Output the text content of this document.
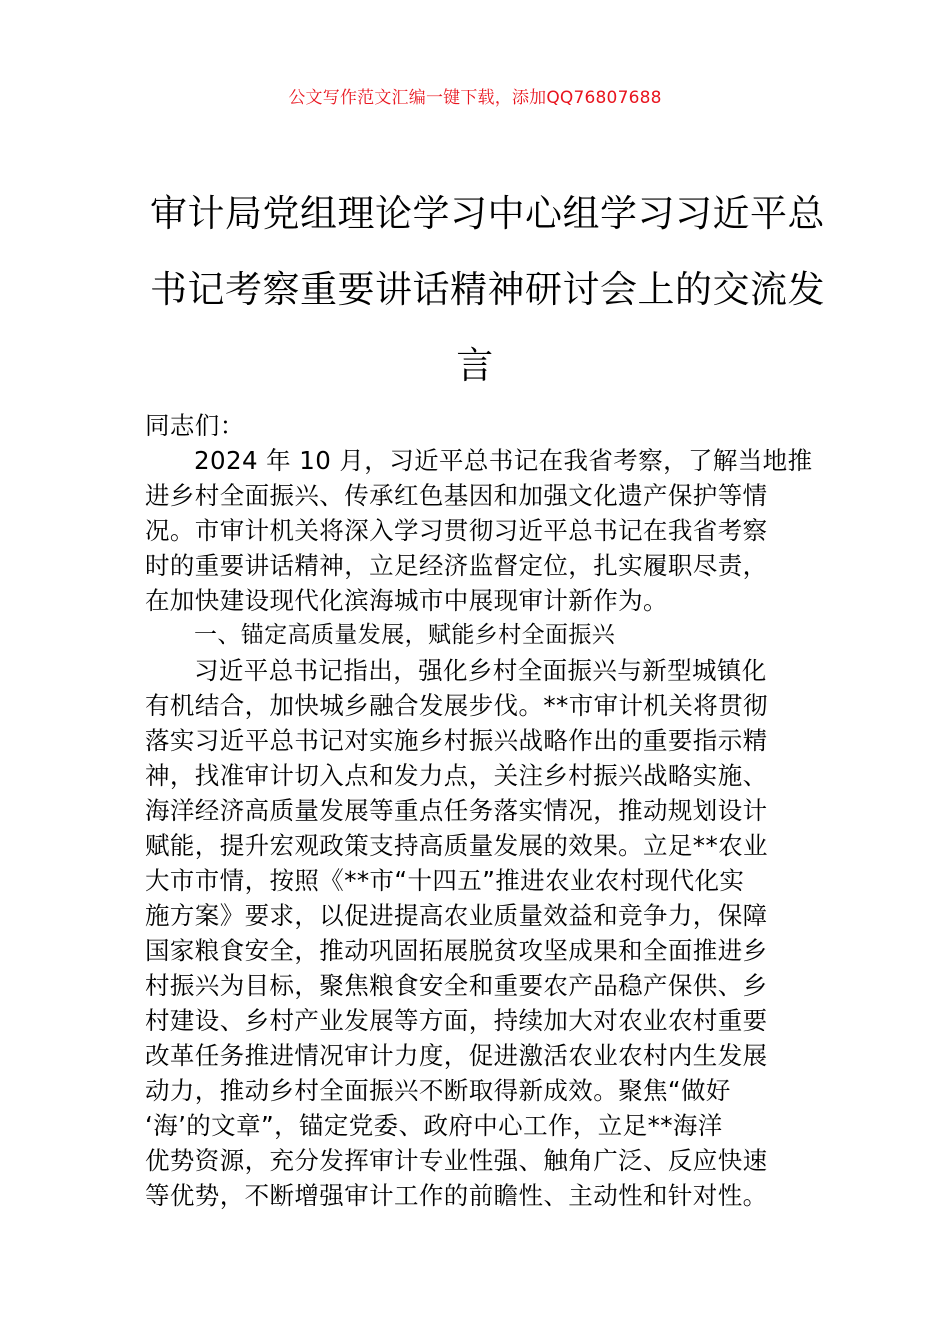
公文写作范文汇编一键下载，添加QQ76807688
审计局党组理论学习中心组学习习近平总
书记考察重要讲话精神研讨会上的交流发
言
同志们：
2024 年 10 月，习近平总书记在我省考察，了解当地推
进乡村全面振兴、传承红色基因和加强文化遗产保护等情
况。市审计机关将深入学习贯彻习近平总书记在我省考察
时的重要讲话精神，立足经济监督定位，扎实履职尽责，
在加快建设现代化滨海城市中展现审计新作为。
一、锚定高质量发展，赋能乡村全面振兴
习近平总书记指出，强化乡村全面振兴与新型城镇化
有机结合，加快城乡融合发展步伐。**市审计机关将贯彻
落实习近平总书记对实施乡村振兴战略作出的重要指示精
神，找准审计切入点和发力点，关注乡村振兴战略实施、
海洋经济高质量发展等重点任务落实情况，推动规划设计
赋能，提升宏观政策支持高质量发展的效果。立足**农业
大市市情，按照《**市“十四五”推进农业农村现代化实
施方案》要求，以促进提高农业质量效益和竞争力，保障
国家粮食安全，推动巩固拓展脱贫攻坚成果和全面推进乡
村振兴为目标，聚焦粮食安全和重要农产品稳产保供、乡
村建设、乡村产业发展等方面，持续加大对农业农村重要
改革任务推进情况审计力度，促进激活农业农村内生发展
动力，推动乡村全面振兴不断取得新成效。聚焦“做好
‘海’的文章”，锚定党委、政府中心工作，立足**海洋
优势资源，充分发挥审计专业性强、触角广泛、反应快速
等优势，不断增强审计工作的前瞻性、主动性和针对性。
